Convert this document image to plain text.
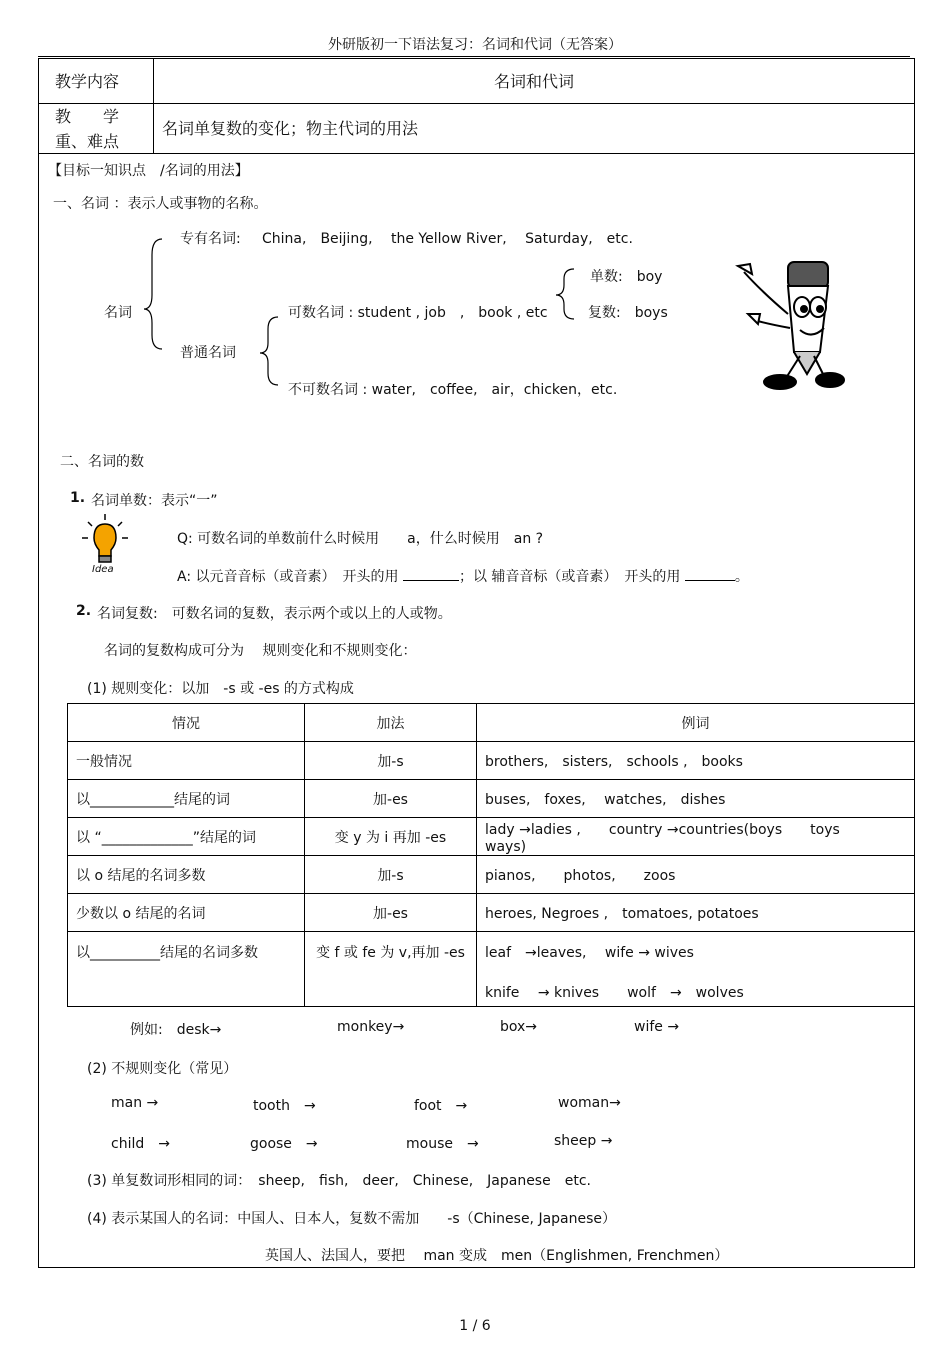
外研版初一下语法复习：名词和代词（无答案）
教学内容	名词和代词
教　　学
重、难点
名词单复数的变化；物主代词的用法
【目标一知识点　/名词的用法】
一、名词 ：表示人或事物的名称。
名词
专有名词: China,　Beijing,　 the Yellow River,　 Saturday,　etc.
普通名词
可数名词 : student , job　,　book , etc
单数:　boy
复数:　boys
不可数名词 : water,　coffee,　air，chicken，etc.
二、名词的数
1. 名词单数：表示“一”
Idea
Q: 可数名词的单数前什么时候用　　a，什么时候用　an ?
A: 以元音音标（或音素）　开头的用	；以 辅音音标（或音素）　开头的用	。
2. 名词复数:　可数名词的复数，表示两个或以上的人或物。
名词的复数构成可分为　 规则变化和不规则变化：
(1) 规则变化：以加　-s 或 -es 的方式构成
情况	加法	例词
一般情况	加-s	brothers,　sisters,　schools ,　books
以____________结尾的词	加-es	buses,　foxes,　 watches,　dishes
以 “_____________”结尾的词	变 y 为 i 再加 -es	lady →ladies ,　　country →countries(boys　　toys　　ways)
以 o 结尾的名词多数	加-s	pianos,　　photos,　　zoos
少数以 o 结尾的名词	加-es	heroes, Negroes ,　tomatoes, potatoes
以__________结尾的名词多数	变 f 或 fe 为 v,再加 -es	leaf　→leaves,　 wife → wives
knife　 → knives　　wolf　→　wolves
例如:　desk→	monkey→	box→	wife →
(2) 不规则变化（常见）
man →	tooth　→	foot　→	woman→
child　→	goose　→	mouse　→	sheep →
(3) 单复数词形相同的词：　sheep,　fish,　deer,　Chinese,　Japanese　etc.
(4) 表示某国人的名词：中国人、日本人，复数不需加　　-s（Chinese, Japanese）
英国人、法国人，要把　 man 变成　men（Englishmen, Frenchmen）
1 / 6
